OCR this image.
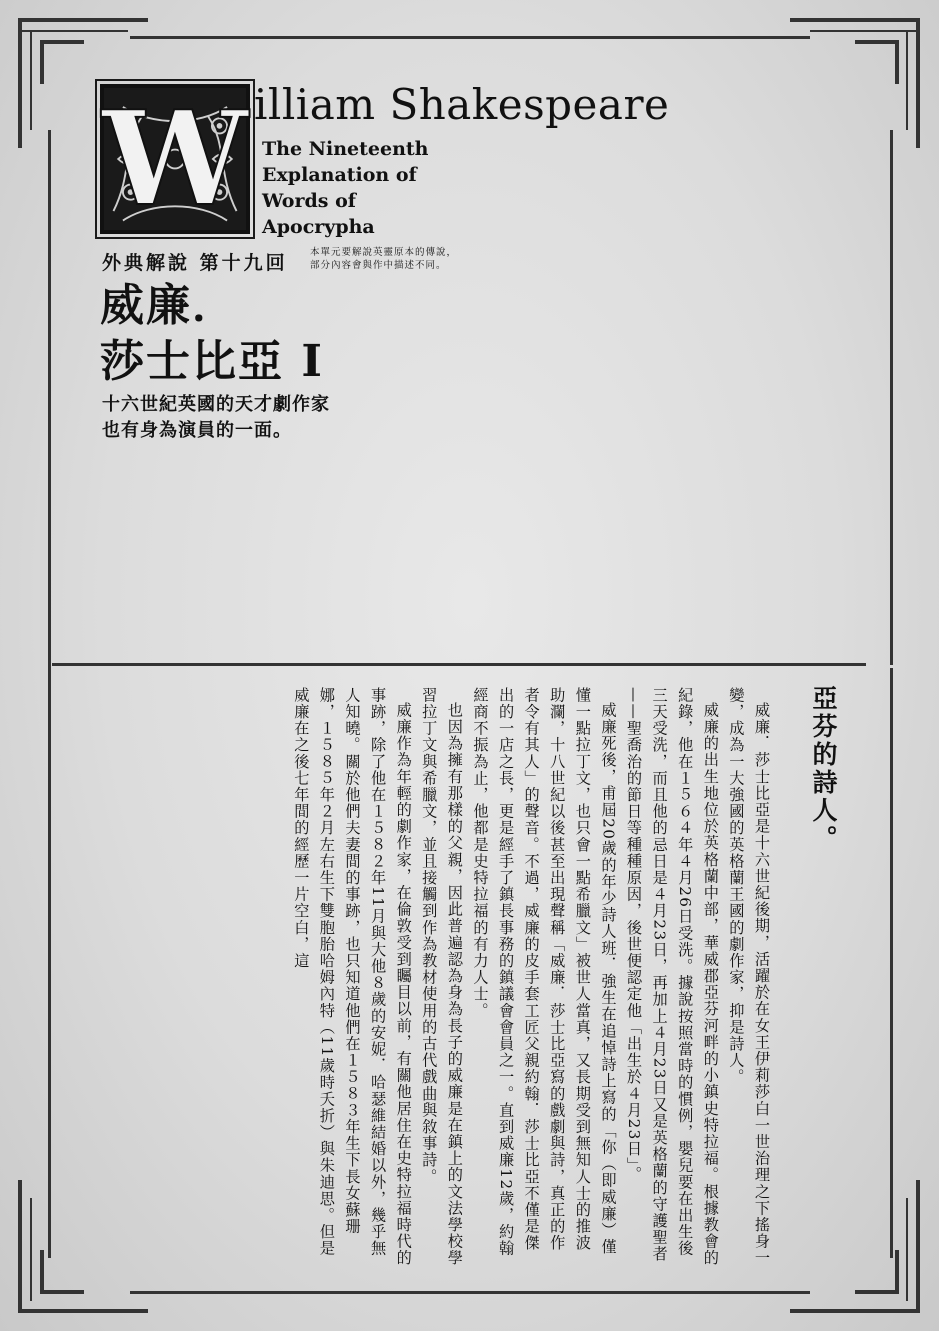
W illiam Shakespeare
The Nineteenth
Explanation of
Words of
Apocrypha
外典解說 第十九回 本單元要解說英靈原本的傳說，
部分內容會與作中描述不同。
威廉．
莎士比亞 Ⅰ
十六世紀英國的天才劇作家
也有身為演員的一面。
亞芬的詩人。

威廉．莎士比亞是十六世紀後期，活躍於在女王伊莉莎白一世治理之下搖身一變，成為一大強國的英格蘭王國的劇作家，抑是詩人。

威廉的出生地位於英格蘭中部，華威郡亞芬河畔的小鎮史特拉福。根據教會的紀錄，他在１５６４年４月26日受洗。據說按照當時的慣例，嬰兒要在出生後三天受洗，而且他的忌日是４月23日，再加上４月23日又是英格蘭的守護聖者——聖喬治的節日等種種原因，後世便認定他「出生於４月23日」。

威廉死後，甫屆20歲的年少詩人班．強生在追悼詩上寫的「你（即威廉）僅懂一點拉丁文，也只會一點希臘文」被世人當真，又長期受到無知人士的推波助瀾，十八世紀以後甚至出現聲稱「威廉．莎士比亞寫的戲劇與詩，真正的作者令有其人」的聲音。不過，威廉的皮手套工匠父親約翰．莎士比亞不僅是傑出的一店之長，更是經手了鎮長事務的鎮議會會員之一。直到威廉12歲，約翰經商不振為止，他都是史特拉福的有力人士。

也因為擁有那樣的父親，因此普遍認為身為長子的威廉是在鎮上的文法學校學習拉丁文與希臘文，並且接觸到作為教材使用的古代戲曲與敘事詩。

威廉作為年輕的劇作家，在倫敦受到矚目以前，有關他居住在史特拉福時代的事跡，除了他在１５８２年11月與大他８歲的安妮．哈瑟維結婚以外，幾乎無人知曉。關於他們夫妻間的事跡，也只知道他們在１５８３年生下長女蘇珊娜，１５８５年２月左右生下雙胞胎哈姆內特（11歲時夭折）與朱迪思。但是威廉在之後七年間的經歷一片空白，這
